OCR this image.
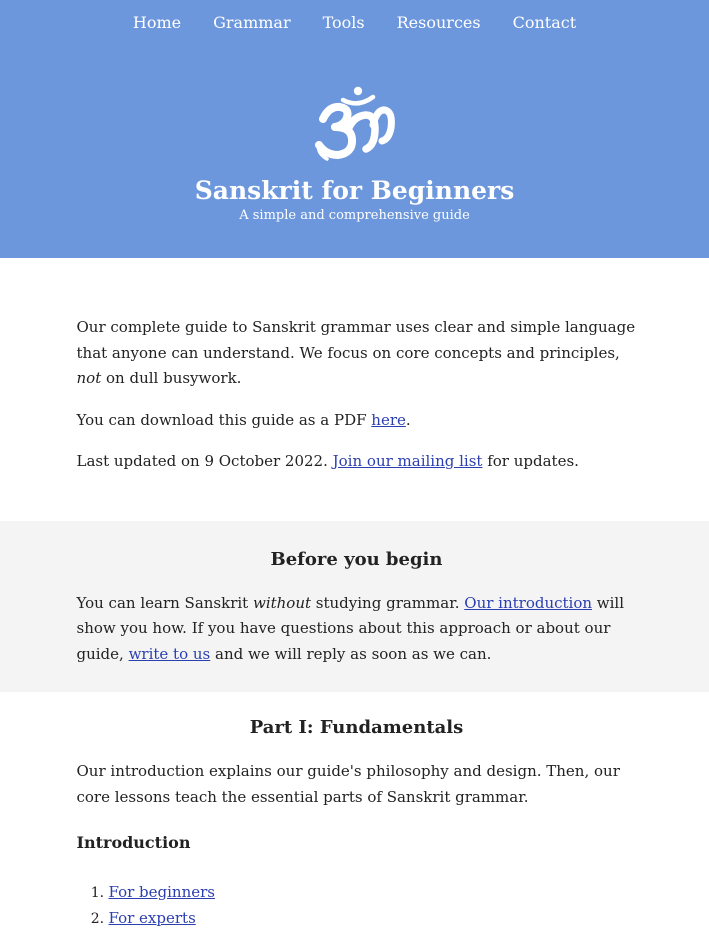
Home Grammar Tools Resources Contact
Sanskrit for Beginners
A simple and comprehensive guide

Our complete guide to Sanskrit grammar uses clear and simple language that anyone can understand. We focus on core concepts and principles, not on dull busywork.

You can download this guide as a PDF here.

Last updated on 9 October 2022. Join our mailing list for updates.

Before you begin

You can learn Sanskrit without studying grammar. Our introduction will show you how. If you have questions about this approach or about our guide, write to us and we will reply as soon as we can.

Part I: Fundamentals

Our introduction explains our guide's philosophy and design. Then, our core lessons teach the essential parts of Sanskrit grammar.

Introduction
1. For beginners
2. For experts
